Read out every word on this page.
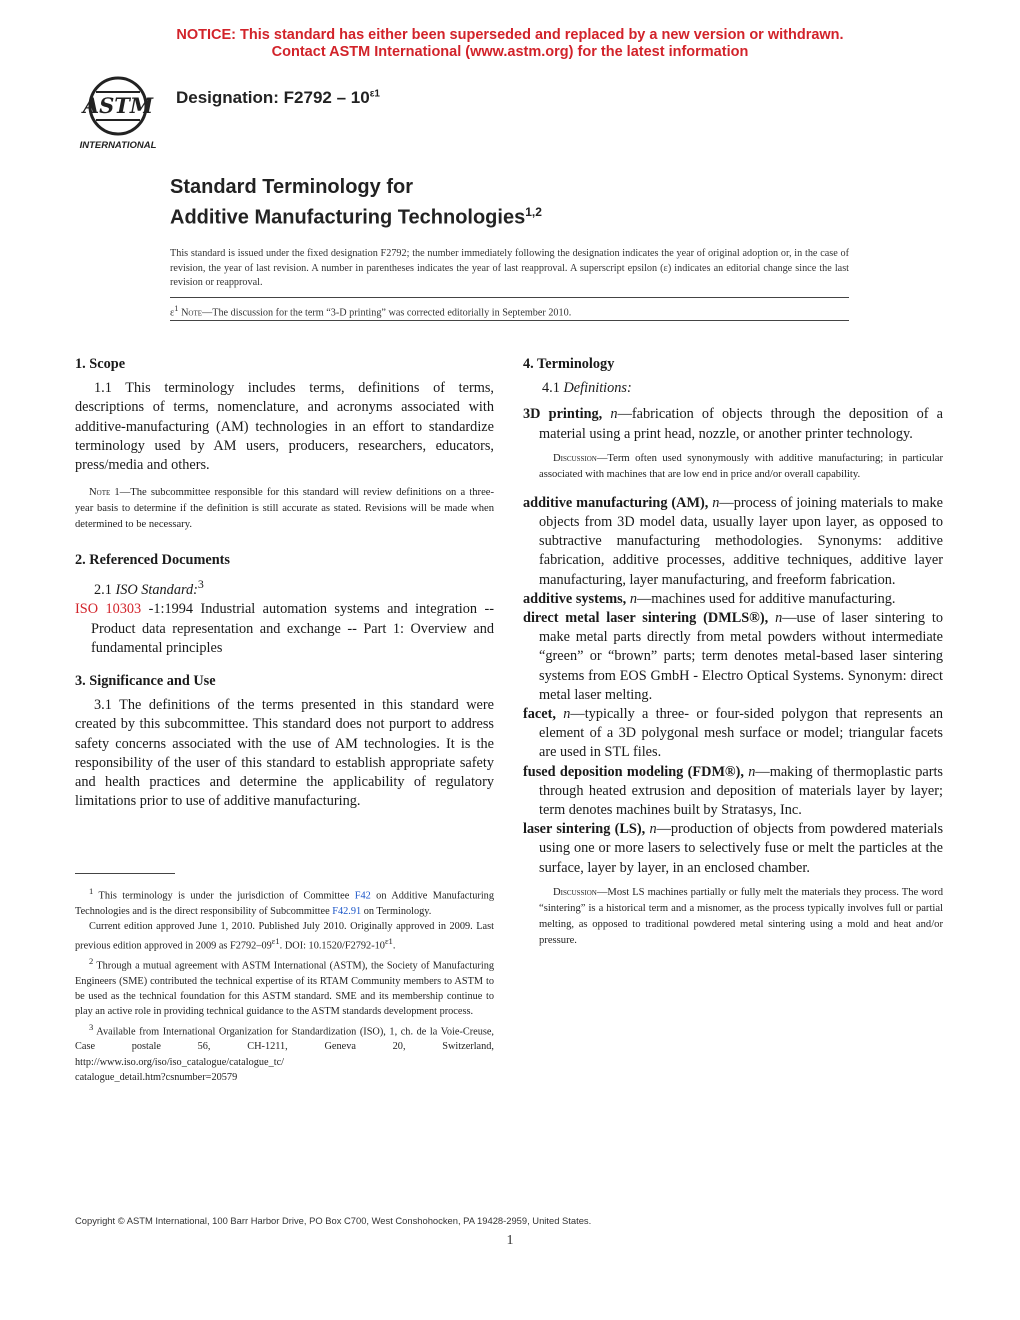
NOTICE: This standard has either been superseded and replaced by a new version or withdrawn.
Contact ASTM International (www.astm.org) for the latest information
ASTM
INTERNATIONAL
Designation: $F2792 - 10^{\varepsilon 1}$
Standard Terminology for
Additive Manufacturing Technologies$^{1,2}$
This standard is issued under the fixed designation F2792; the number immediately following the designation indicates the year of original adoption or, in the case of revision, the year of last revision. A number in parentheses indicates the year of last reapproval. A superscript epsilon (ε) indicates an editorial change since the last revision or reapproval.
$\varepsilon^1$ Note—The discussion for the term “3-D printing” was corrected editorially in September 2010.
1. Scope

1.1 This terminology includes terms, definitions of terms, descriptions of terms, nomenclature, and acronyms associated with additive-manufacturing (AM) technologies in an effort to standardize terminology used by AM users, producers, researchers, educators, press/media and others.

Note 1—The subcommittee responsible for this standard will review definitions on a three-year basis to determine if the definition is still accurate as stated. Revisions will be made when determined to be necessary.

2. Referenced Documents

2.1 ISO Standard:$^3$

ISO 10303 -1:1994 Industrial automation systems and integration -- Product data representation and exchange -- Part 1: Overview and fundamental principles

3. Significance and Use

3.1 The definitions of the terms presented in this standard were created by this subcommittee. This standard does not purport to address safety concerns associated with the use of AM technologies. It is the responsibility of the user of this standard to establish appropriate safety and health practices and determine the applicability of regulatory limitations prior to use of additive manufacturing.

$^1$ This terminology is under the jurisdiction of Committee F42 on Additive Manufacturing Technologies and is the direct responsibility of Subcommittee F42.91 on Terminology.

Current edition approved June 1, 2010. Published July 2010. Originally approved in 2009. Last previous edition approved in 2009 as $F2792-09^{\varepsilon 1}$. DOI: $10.1520/F2792-10^{\varepsilon 1}$.

$^2$ Through a mutual agreement with ASTM International (ASTM), the Society of Manufacturing Engineers (SME) contributed the technical expertise of its RTAM Community members to ASTM to be used as the technical foundation for this ASTM standard. SME and its membership continue to play an active role in providing technical guidance to the ASTM standards development process.

$^3$ Available from International Organization for Standardization (ISO), 1, ch. de la Voie-Creuse, Case postale 56, CH-1211, Geneva 20, Switzerland, http://www.iso.org/iso/iso_catalogue/catalogue_tc/

catalogue_detail.htm?csnumber=20579

4. Terminology

4.1 Definitions:

3D printing, n—fabrication of objects through the deposition of a material using a print head, nozzle, or another printer technology.

Discussion—Term often used synonymously with additive manufacturing; in particular associated with machines that are low end in price and/or overall capability.

additive manufacturing (AM), n—process of joining materials to make objects from 3D model data, usually layer upon layer, as opposed to subtractive manufacturing methodologies. Synonyms: additive fabrication, additive processes, additive techniques, additive layer manufacturing, layer manufacturing, and freeform fabrication.

additive systems, n—machines used for additive manufacturing.

direct metal laser sintering (DMLS®), n—use of laser sintering to make metal parts directly from metal powders without intermediate “green” or “brown” parts; term denotes metal-based laser sintering systems from EOS GmbH - Electro Optical Systems. Synonym: direct metal laser melting.

facet, n—typically a three- or four-sided polygon that represents an element of a 3D polygonal mesh surface or model; triangular facets are used in STL files.

fused deposition modeling (FDM®), n—making of thermoplastic parts through heated extrusion and deposition of materials layer by layer; term denotes machines built by Stratasys, Inc.

laser sintering (LS), n—production of objects from powdered materials using one or more lasers to selectively fuse or melt the particles at the surface, layer by layer, in an enclosed chamber.

Discussion—Most LS machines partially or fully melt the materials they process. The word “sintering” is a historical term and a misnomer, as the process typically involves full or partial melting, as opposed to traditional powdered metal sintering using a mold and heat and/or pressure.

Copyright © ASTM International, 100 Barr Harbor Drive, PO Box C700, West Conshohocken, PA 19428-2959, United States.
1
